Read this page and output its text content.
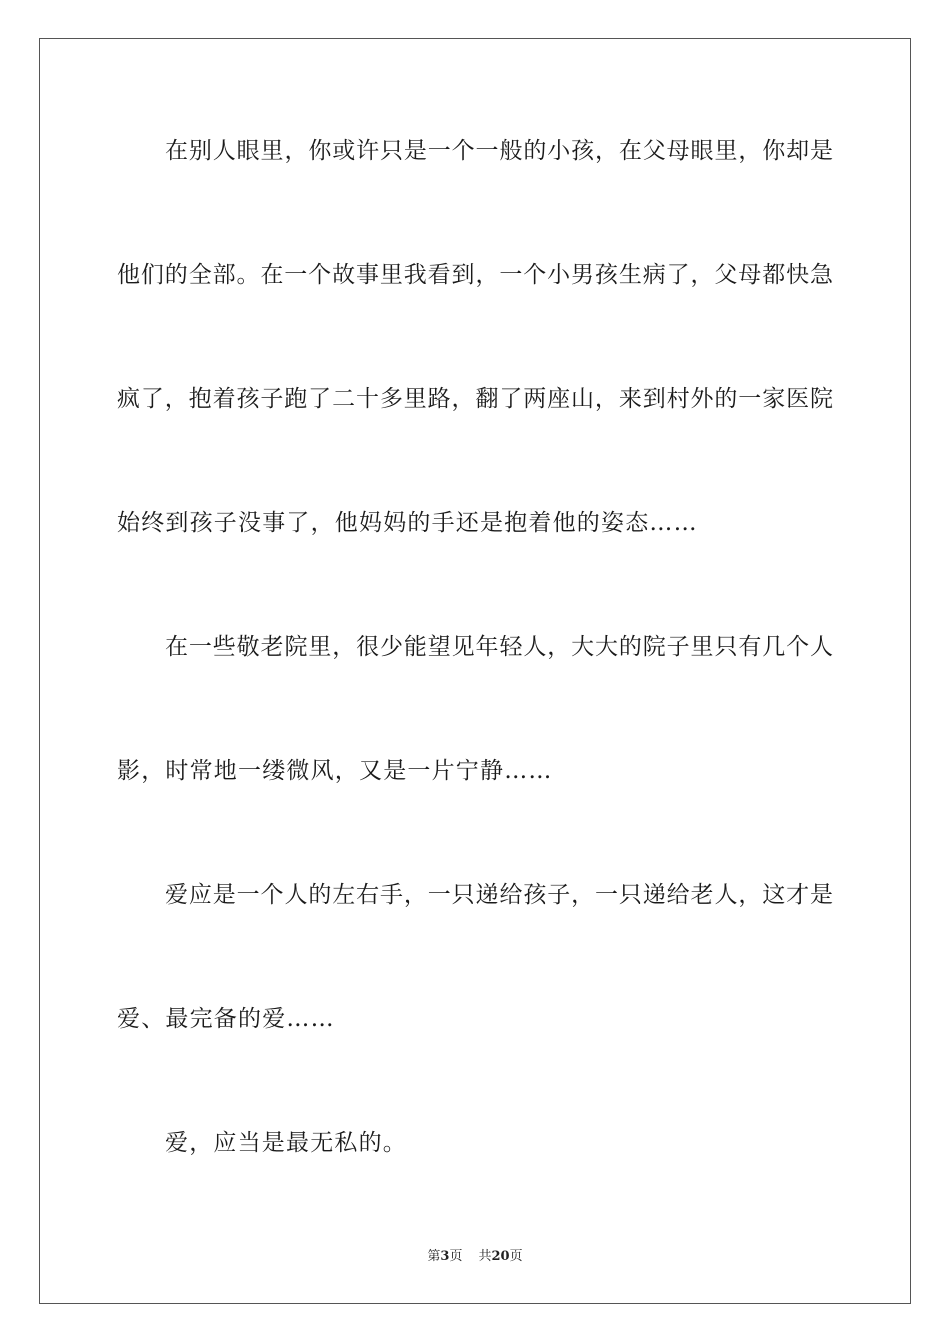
在别人眼里，你或许只是一个一般的小孩，在父母眼里，你却是
他们的全部。在一个故事里我看到，一个小男孩生病了，父母都快急
疯了，抱着孩子跑了二十多里路，翻了两座山，来到村外的一家医院
始终到孩子没事了，他妈妈的手还是抱着他的姿态……
在一些敬老院里，很少能望见年轻人，大大的院子里只有几个人
影，时常地一缕微风，又是一片宁静……
爱应是一个人的左右手，一只递给孩子，一只递给老人，这才是
爱、最完备的爱……
爱，应当是最无私的。
第3页 共20页
